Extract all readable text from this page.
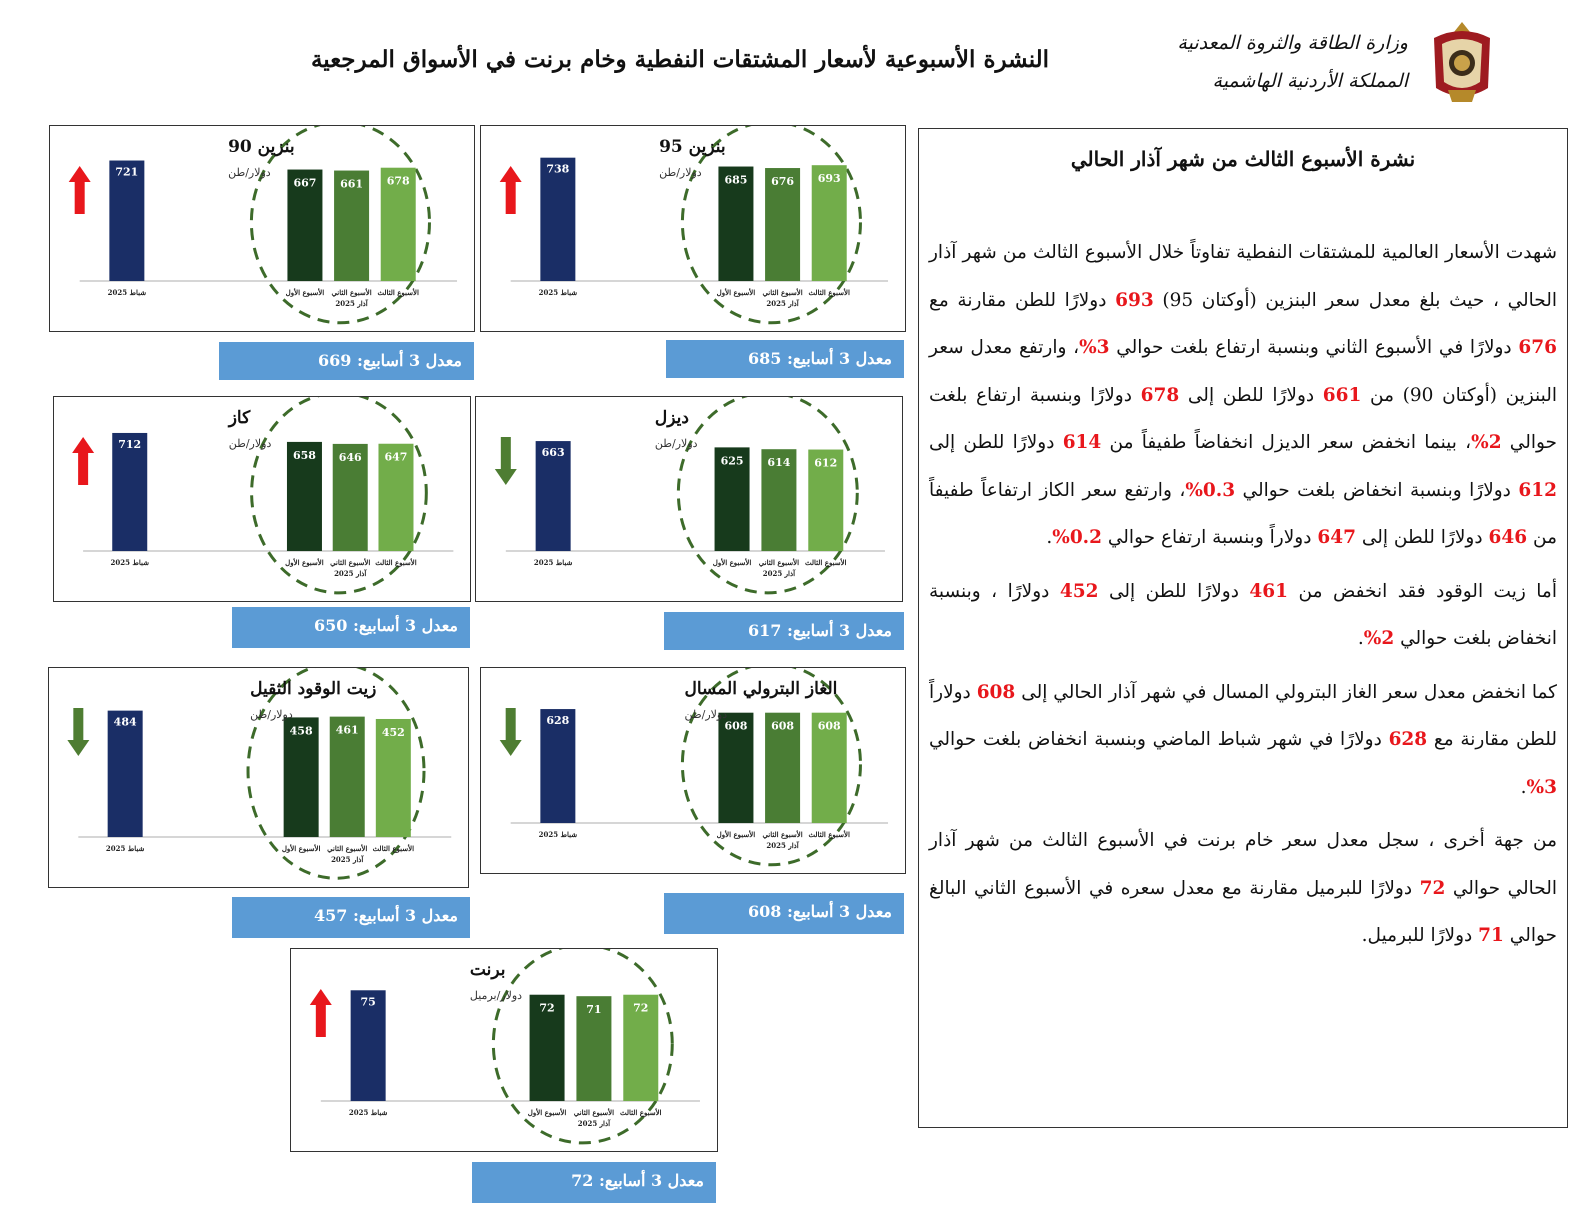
النشرة الأسبوعية لأسعار المشتقات النفطية وخام برنت في الأسواق المرجعية
وزارة الطاقة والثروة المعدنية
المملكة الأردنية الهاشمية
738
685 676 693
شباط 2025	الأسبوع الأول الأسبوع الثاني الأسبوع الثالث
آذار 2025
بنزين 95
دولار/طن
معدل 3 أسابيع: 685
721
667 661 678
شباط 2025	الأسبوع الأول الأسبوع الثاني الأسبوع الثالث
آذار 2025
بنزين 90
دولار/طن
معدل 3 أسابيع: 669
663
625 614 612
شباط 2025	الأسبوع الأول الأسبوع الثاني الأسبوع الثالث
آذار 2025
ديزل
دولار/طن
معدل 3 أسابيع: 617
712
658 646 647
شباط 2025	الأسبوع الأول الأسبوع الثاني الأسبوع الثالث
آذار 2025
كاز
دولار/طن
معدل 3 أسابيع: 650
628	608 608 608
شباط 2025	الأسبوع الأول الأسبوع الثاني الأسبوع الثالث
آذار 2025
الغاز البترولي المسال
دولار/طن
معدل 3 أسابيع: 608
484
458 461 452
شباط 2025	الأسبوع الأول الأسبوع الثاني الأسبوع الثالث
آذار 2025
زيت الوقود الثقيل
دولار/طن
معدل 3 أسابيع: 457
75	72	71	72
شباط 2025	الأسبوع الأول الأسبوع الثاني الأسبوع الثالث
آذار 2025
برنت
دولار/برميل
معدل 3 أسابيع: 72
نشرة الأسبوع الثالث من شهر آذار الحالي

شهدت الأسعار العالمية للمشتقات النفطية تفاوتاً خلال الأسبوع الثالث من شهر آذار الحالي ، حيث بلغ معدل سعر البنزين (أوكتان 95) 693 دولارًا للطن مقارنة مع 676 دولارًا في الأسبوع الثاني وبنسبة ارتفاع بلغت حوالي 3%، وارتفع معدل سعر البنزين (أوكتان 90) من 661 دولارًا للطن إلى 678 دولارًا وبنسبة ارتفاع بلغت حوالي 2%، بينما انخفض سعر الديزل انخفاضاً طفيفاً من 614 دولارًا للطن إلى 612 دولارًا وبنسبة انخفاض بلغت حوالي 0.3%، وارتفع سعر الكاز ارتفاعاً طفيفاً من 646 دولارًا للطن إلى 647 دولاراً وبنسبة ارتفاع حوالي 0.2%.

أما زيت الوقود فقد انخفض من 461 دولارًا للطن إلى 452 دولارًا ، وبنسبة انخفاض بلغت حوالي 2%.

كما انخفض معدل سعر الغاز البترولي المسال في شهر آذار الحالي إلى 608 دولاراً للطن مقارنة مع 628 دولارًا في شهر شباط الماضي وبنسبة انخفاض بلغت حوالي 3%.

من جهة أخرى ، سجل معدل سعر خام برنت في الأسبوع الثالث من شهر آذار الحالي حوالي 72 دولارًا للبرميل مقارنة مع معدل سعره في الأسبوع الثاني البالغ حوالي 71 دولارًا للبرميل.
